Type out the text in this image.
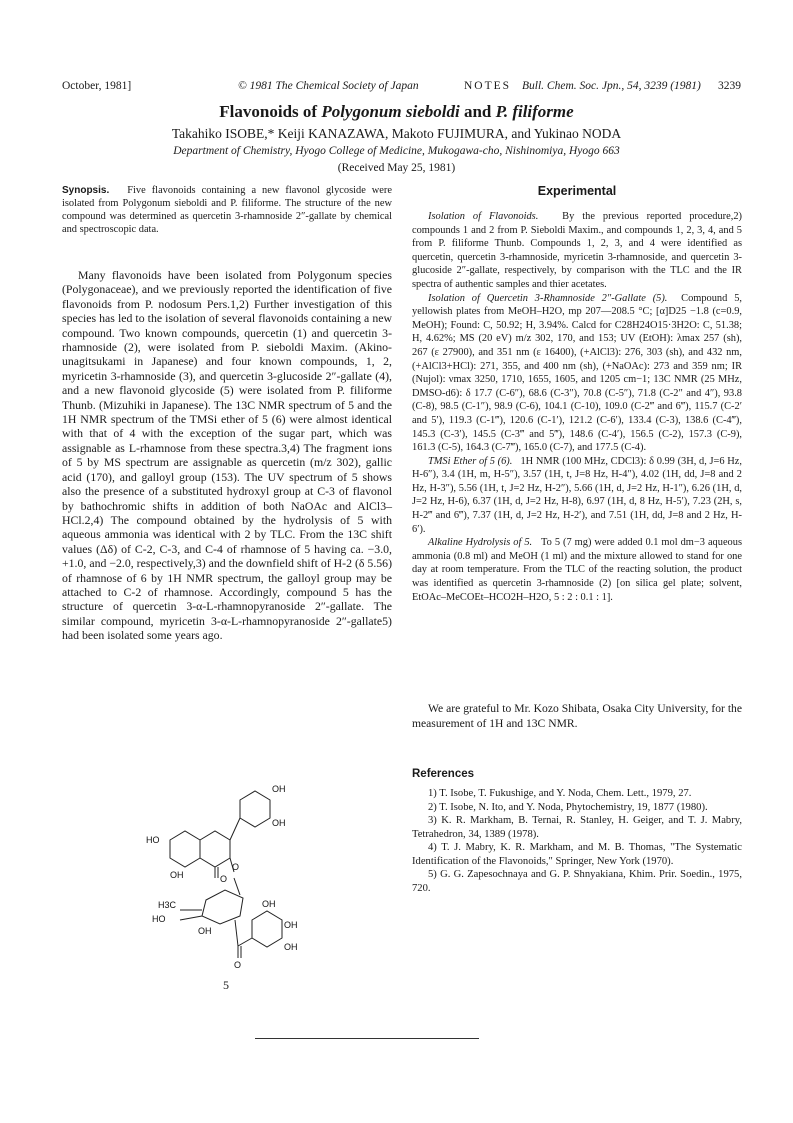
October, 1981]	© 1981 The Chemical Society of Japan	NOTES Bull. Chem. Soc. Jpn., 54, 3239 (1981) 3239
Flavonoids of Polygonum sieboldi and P. filiforme
Takahiko ISOBE,* Keiji KANAZAWA, Makoto FUJIMURA, and Yukinao NODA
Department of Chemistry, Hyogo College of Medicine, Mukogawa-cho, Nishinomiya, Hyogo 663
(Received May 25, 1981)
Synopsis. Five flavonoids containing a new flavonol glycoside were isolated from Polygonum sieboldi and P. filiforme. The structure of the new compound was determined as quercetin 3-rhamnoside 2″-gallate by chemical and spectroscopic data.
Many flavonoids have been isolated from Polygonum species (Polygonaceae), and we previously reported the identification of five flavonoids from P. nodosum Pers.1,2) Further investigation of this species has led to the isolation of several flavonoids containing a new compound. Two known compounds, quercetin (1) and quercetin 3-rhamnoside (2), were isolated from P. sieboldi Maxim. (Akino-unagitsukami in Japanese) and four known compounds, 1, 2, myricetin 3-rhamnoside (3), and quercetin 3-glucoside 2″-gallate (4), and a new flavonoid glycoside (5) were isolated from P. filiforme Thunb. (Mizuhiki in Japanese). The 13C NMR spectrum of 5 and the 1H NMR spectrum of the TMSi ether of 5 (6) were almost identical with that of 4 with the exception of the sugar part, which was assignable as L-rhamnose from these spectra.3,4) The fragment ions of 5 by MS spectrum are assignable as quercetin (m/z 302), gallic acid (170), and galloyl group (153). The UV spectrum of 5 shows also the presence of a substituted hydroxyl group at C-3 of flavonol by bathochromic shifts in addition of both NaOAc and AlCl3–HCl.2,4) The compound obtained by the hydrolysis of 5 with aqueous ammonia was identical with 2 by TLC. From the 13C shift values (Δδ) of C-2, C-3, and C-4 of rhamnose of 5 having ca. −3.0, +1.0, and −2.0, respectively,3) and the downfield shift of H-2 (δ 5.56) of rhamnose of 6 by 1H NMR spectrum, the galloyl group may be attached to C-2 of rhamnose. Accordingly, compound 5 has the structure of quercetin 3-α-L-rhamnopyranoside 2″-gallate. The similar compound, myricetin 3-α-L-rhamnopyranoside 2″-gallate5) had been isolated some years ago.
HO
OH	O
OH
OH
O
H3C
HO
OH
OH
OH
OH
O
5
Experimental

Isolation of Flavonoids. By the previous reported procedure,2) compounds 1 and 2 from P. Sieboldi Maxim., and compounds 1, 2, 3, 4, and 5 from P. filiforme Thunb. Compounds 1, 2, 3, and 4 were identified as quercetin, quercetin 3-rhamnoside, myricetin 3-rhamnoside, and quercetin 3-glucoside 2″-gallate, respectively, by comparison with the TLC and the IR spectra of authentic samples and thier acetates.

Isolation of Quercetin 3-Rhamnoside 2″-Gallate (5). Compound 5, yellowish plates from MeOH–H2O, mp 207—208.5 °C; [α]D25 −1.8 (c=0.9, MeOH); Found: C, 50.92; H, 3.94%. Calcd for C28H24O15·3H2O: C, 51.38; H, 4.62%; MS (20 eV) m/z 302, 170, and 153; UV (EtOH): λmax 257 (sh), 267 (ε 27900), and 351 nm (ε 16400), (+AlCl3): 276, 303 (sh), and 432 nm, (+AlCl3+HCl): 271, 355, and 400 nm (sh), (+NaOAc): 273 and 359 nm; IR (Nujol): νmax 3250, 1710, 1655, 1605, and 1205 cm−1; 13C NMR (25 MHz, DMSO-d6): δ 17.7 (C-6″), 68.6 (C-3″), 70.8 (C-5″), 71.8 (C-2″ and 4″), 93.8 (C-8), 98.5 (C-1″), 98.9 (C-6), 104.1 (C-10), 109.0 (C-2‴ and 6‴), 115.7 (C-2′ and 5′), 119.3 (C-1‴), 120.6 (C-1′), 121.2 (C-6′), 133.4 (C-3), 138.6 (C-4‴), 145.3 (C-3′), 145.5 (C-3‴ and 5‴), 148.6 (C-4′), 156.5 (C-2), 157.3 (C-9), 161.3 (C-5), 164.3 (C-7‴), 165.0 (C-7), and 177.5 (C-4).

TMSi Ether of 5 (6). 1H NMR (100 MHz, CDCl3): δ 0.99 (3H, d, J=6 Hz, H-6″), 3.4 (1H, m, H-5″), 3.57 (1H, t, J=8 Hz, H-4″), 4.02 (1H, dd, J=8 and 2 Hz, H-3″), 5.56 (1H, t, J=2 Hz, H-2″), 5.66 (1H, d, J=2 Hz, H-1″), 6.26 (1H, d, J=2 Hz, H-6), 6.37 (1H, d, J=2 Hz, H-8), 6.97 (1H, d, 8 Hz, H-5′), 7.23 (2H, s, H-2‴ and 6‴), 7.37 (1H, d, J=2 Hz, H-2′), and 7.51 (1H, dd, J=8 and 2 Hz, H-6′).

Alkaline Hydrolysis of 5. To 5 (7 mg) were added 0.1 mol dm−3 aqueous ammonia (0.8 ml) and MeOH (1 ml) and the mixture allowed to stand for one day at room temperature. From the TLC of the reacting solution, the product was identified as quercetin 3-rhamnoside (2) [on silica gel plate; solvent, EtOAc–MeCOEt–HCO2H–H2O, 5 : 2 : 0.1 : 1].

We are grateful to Mr. Kozo Shibata, Osaka City University, for the measurement of 1H and 13C NMR.
References

1) T. Isobe, T. Fukushige, and Y. Noda, Chem. Lett., 1979, 27.

2) T. Isobe, N. Ito, and Y. Noda, Phytochemistry, 19, 1877 (1980).

3) K. R. Markham, B. Ternai, R. Stanley, H. Geiger, and T. J. Mabry, Tetrahedron, 34, 1389 (1978).

4) T. J. Mabry, K. R. Markham, and M. B. Thomas, "The Systematic Identification of the Flavonoids," Springer, New York (1970).

5) G. G. Zapesochnaya and G. P. Shnyakiana, Khim. Prir. Soedin., 1975, 720.
